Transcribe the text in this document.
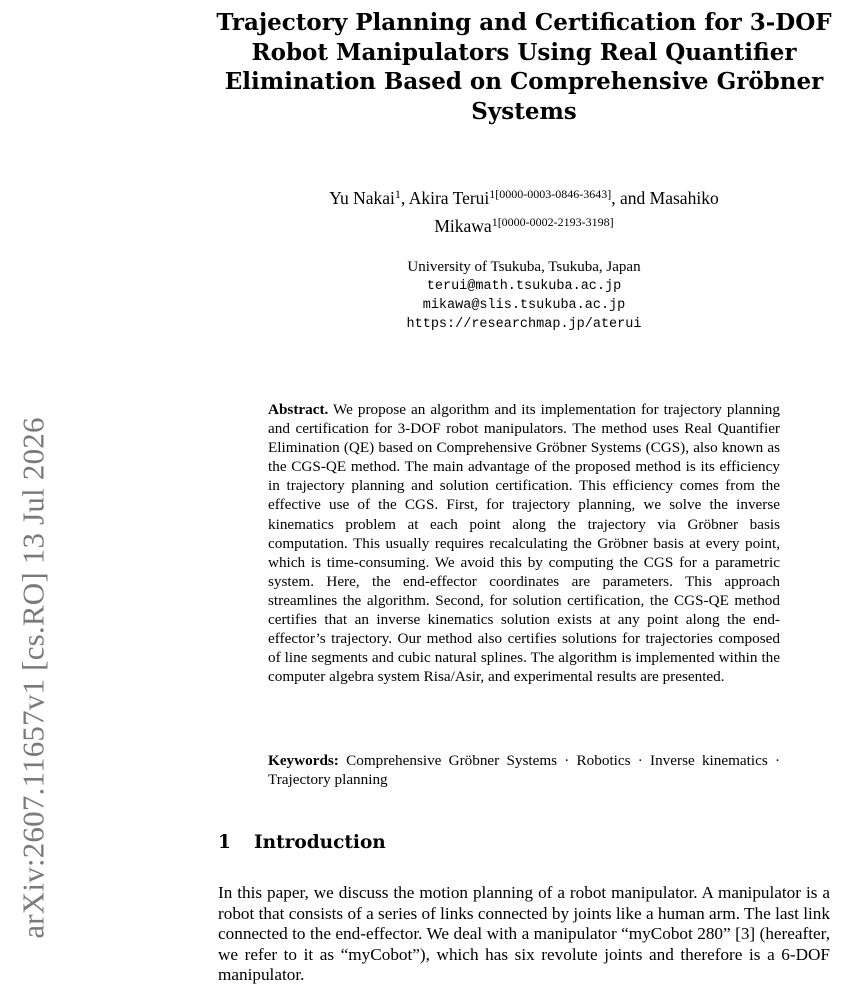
arXiv:2607.11657v1 [cs.RO] 13 Jul 2026
Trajectory Planning and Certification for 3-DOF Robot Manipulators Using Real Quantifier Elimination Based on Comprehensive Gröbner Systems
Yu Nakai$^1$, Akira Terui$^{1[0000-0003-0846-3643]}$, and Masahiko
Mikawa$^{1[0000-0002-2193-3198]}$
University of Tsukuba, Tsukuba, Japan
terui@math.tsukuba.ac.jp
mikawa@slis.tsukuba.ac.jp
https://researchmap.jp/aterui

Abstract. We propose an algorithm and its implementation for trajectory planning and certification for 3-DOF robot manipulators. The method uses Real Quantifier Elimination (QE) based on Comprehensive Gröbner Systems (CGS), also known as the CGS-QE method. The main advantage of the proposed method is its efficiency in trajectory planning and solution certification. This efficiency comes from the effective use of the CGS. First, for trajectory planning, we solve the inverse kinematics problem at each point along the trajectory via Gröbner basis computation. This usually requires recalculating the Gröbner basis at every point, which is time-consuming. We avoid this by computing the CGS for a parametric system. Here, the end-effector coordinates are parameters. This approach streamlines the algorithm. Second, for solution certification, the CGS-QE method certifies that an inverse kinematics solution exists at any point along the end-effector’s trajectory. Our method also certifies solutions for trajectories composed of line segments and cubic natural splines. The algorithm is implemented within the computer algebra system Risa/Asir, and experimental results are presented.

Keywords: Comprehensive Gröbner Systems · Robotics · Inverse kinematics · Trajectory planning

1 Introduction

In this paper, we discuss the motion planning of a robot manipulator. A manipulator is a robot that consists of a series of links connected by joints like a human arm. The last link connected to the end-effector. We deal with a manipulator “myCobot 280” [3] (hereafter, we refer to it as “myCobot”), which has six revolute joints and therefore is a 6-DOF manipulator.
